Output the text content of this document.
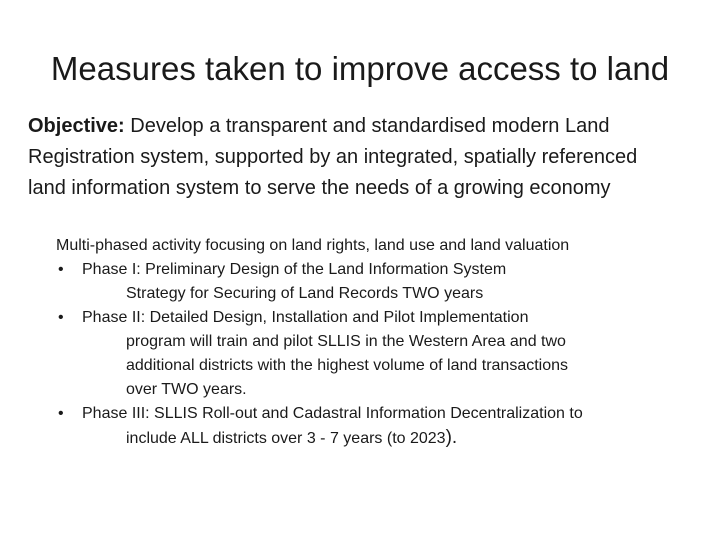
Measures taken to improve access to land
Objective: Develop a transparent and standardised modern Land
Registration system, supported by an integrated, spatially referenced
land information system to serve the needs of a growing economy
Multi-phased activity focusing on land rights, land use and land valuation
• Phase I: Preliminary Design of the Land Information System
Strategy for Securing of Land Records TWO years
• Phase II: Detailed Design, Installation and Pilot Implementation
program will train and pilot SLLIS in the Western Area and two
additional districts with the highest volume of land transactions
over TWO years.
• Phase III: SLLIS Roll-out and Cadastral Information Decentralization to
include ALL districts over 3 - 7 years (to 2023).
